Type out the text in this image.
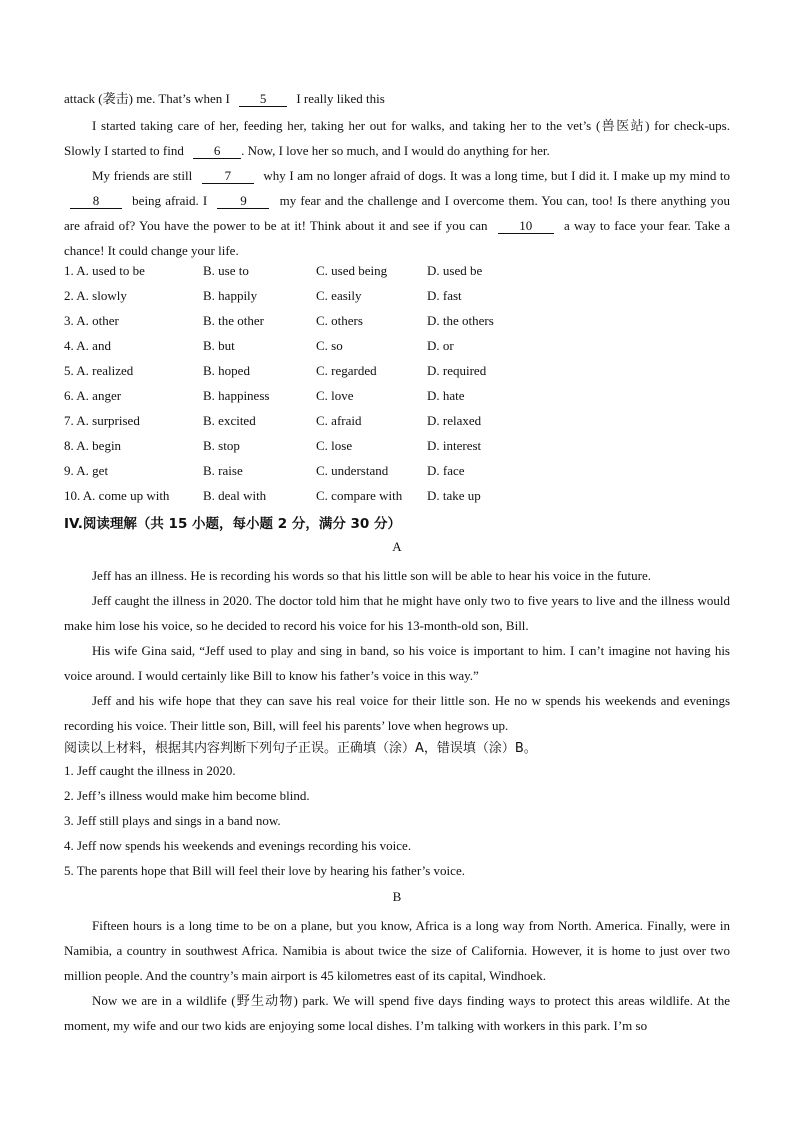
attack (袭击) me. That’s when I 5 I really liked this
I started taking care of her, feeding her, taking her out for walks, and taking her to the vet’s (兽医站) for check-ups. Slowly I started to find 6 . Now, I love her so much, and I would do anything for her.
My friends are still 7 why I am no longer afraid of dogs. It was a long time, but I did it. I make up my mind to 8	being afraid. I	9	my fear and the challenge and I overcome them. You can, too! Is there anything you are afraid of? You have the power to be at it! Think about it and see if you can 10 a way to face your fear. Take a chance! It could change your life.
1. A. used to be	B. use to	C. used being	D. used be
2. A. slowly	B. happily	C. easily	D. fast
3. A. other	B. the other	C. others	D. the others
4. A. and	B. but	C. so	D. or
5. A. realized	B. hoped	C. regarded	D. required
6. A. anger	B. happiness	C. love	D. hate
7. A. surprised	B. excited	C. afraid	D. relaxed
8. A. begin	B. stop	C. lose	D. interest
9. A. get	B. raise	C. understand	D. face
10. A. come up with	B. deal with	C. compare with D. take up
IV.阅读理解（共 15 小题，每小题 2 分，满分 30 分）
A
Jeff has an illness. He is recording his words so that his little son will be able to hear his voice in the future.
Jeff caught the illness in 2020. The doctor told him that he might have only two to five years to live and the illness would make him lose his voice, so he decided to record his voice for his 13-month-old son, Bill.
His wife Gina said, “Jeff used to play and sing in band, so his voice is important to him. I can’t imagine not having his voice around. I would certainly like Bill to know his father’s voice in this way.”
Jeff and his wife hope that they can save his real voice for their little son. He no w spends his weekends and evenings recording his voice. Their little son, Bill, will feel his parents’ love when hegrows up.
阅读以上材料，根据其内容判断下列句子正误。正确填（涂）A，错误填（涂）B。
1. Jeff caught the illness in 2020.
2. Jeff’s illness would make him become blind.
3. Jeff still plays and sings in a band now.
4. Jeff now spends his weekends and evenings recording his voice.
5. The parents hope that Bill will feel their love by hearing his father’s voice.
B
Fifteen hours is a long time to be on a plane, but you know, Africa is a long way from North. America. Finally, were in Namibia, a country in southwest Africa. Namibia is about twice the size of California. However, it is home to just over two million people. And the country’s main airport is 45 kilometres east of its capital, Windhoek.
Now we are in a wildlife (野生动物) park. We will spend five days finding ways to protect this areas wildlife. At the moment, my wife and our two kids are enjoying some local dishes. I’m talking with workers in this park. I’m so
